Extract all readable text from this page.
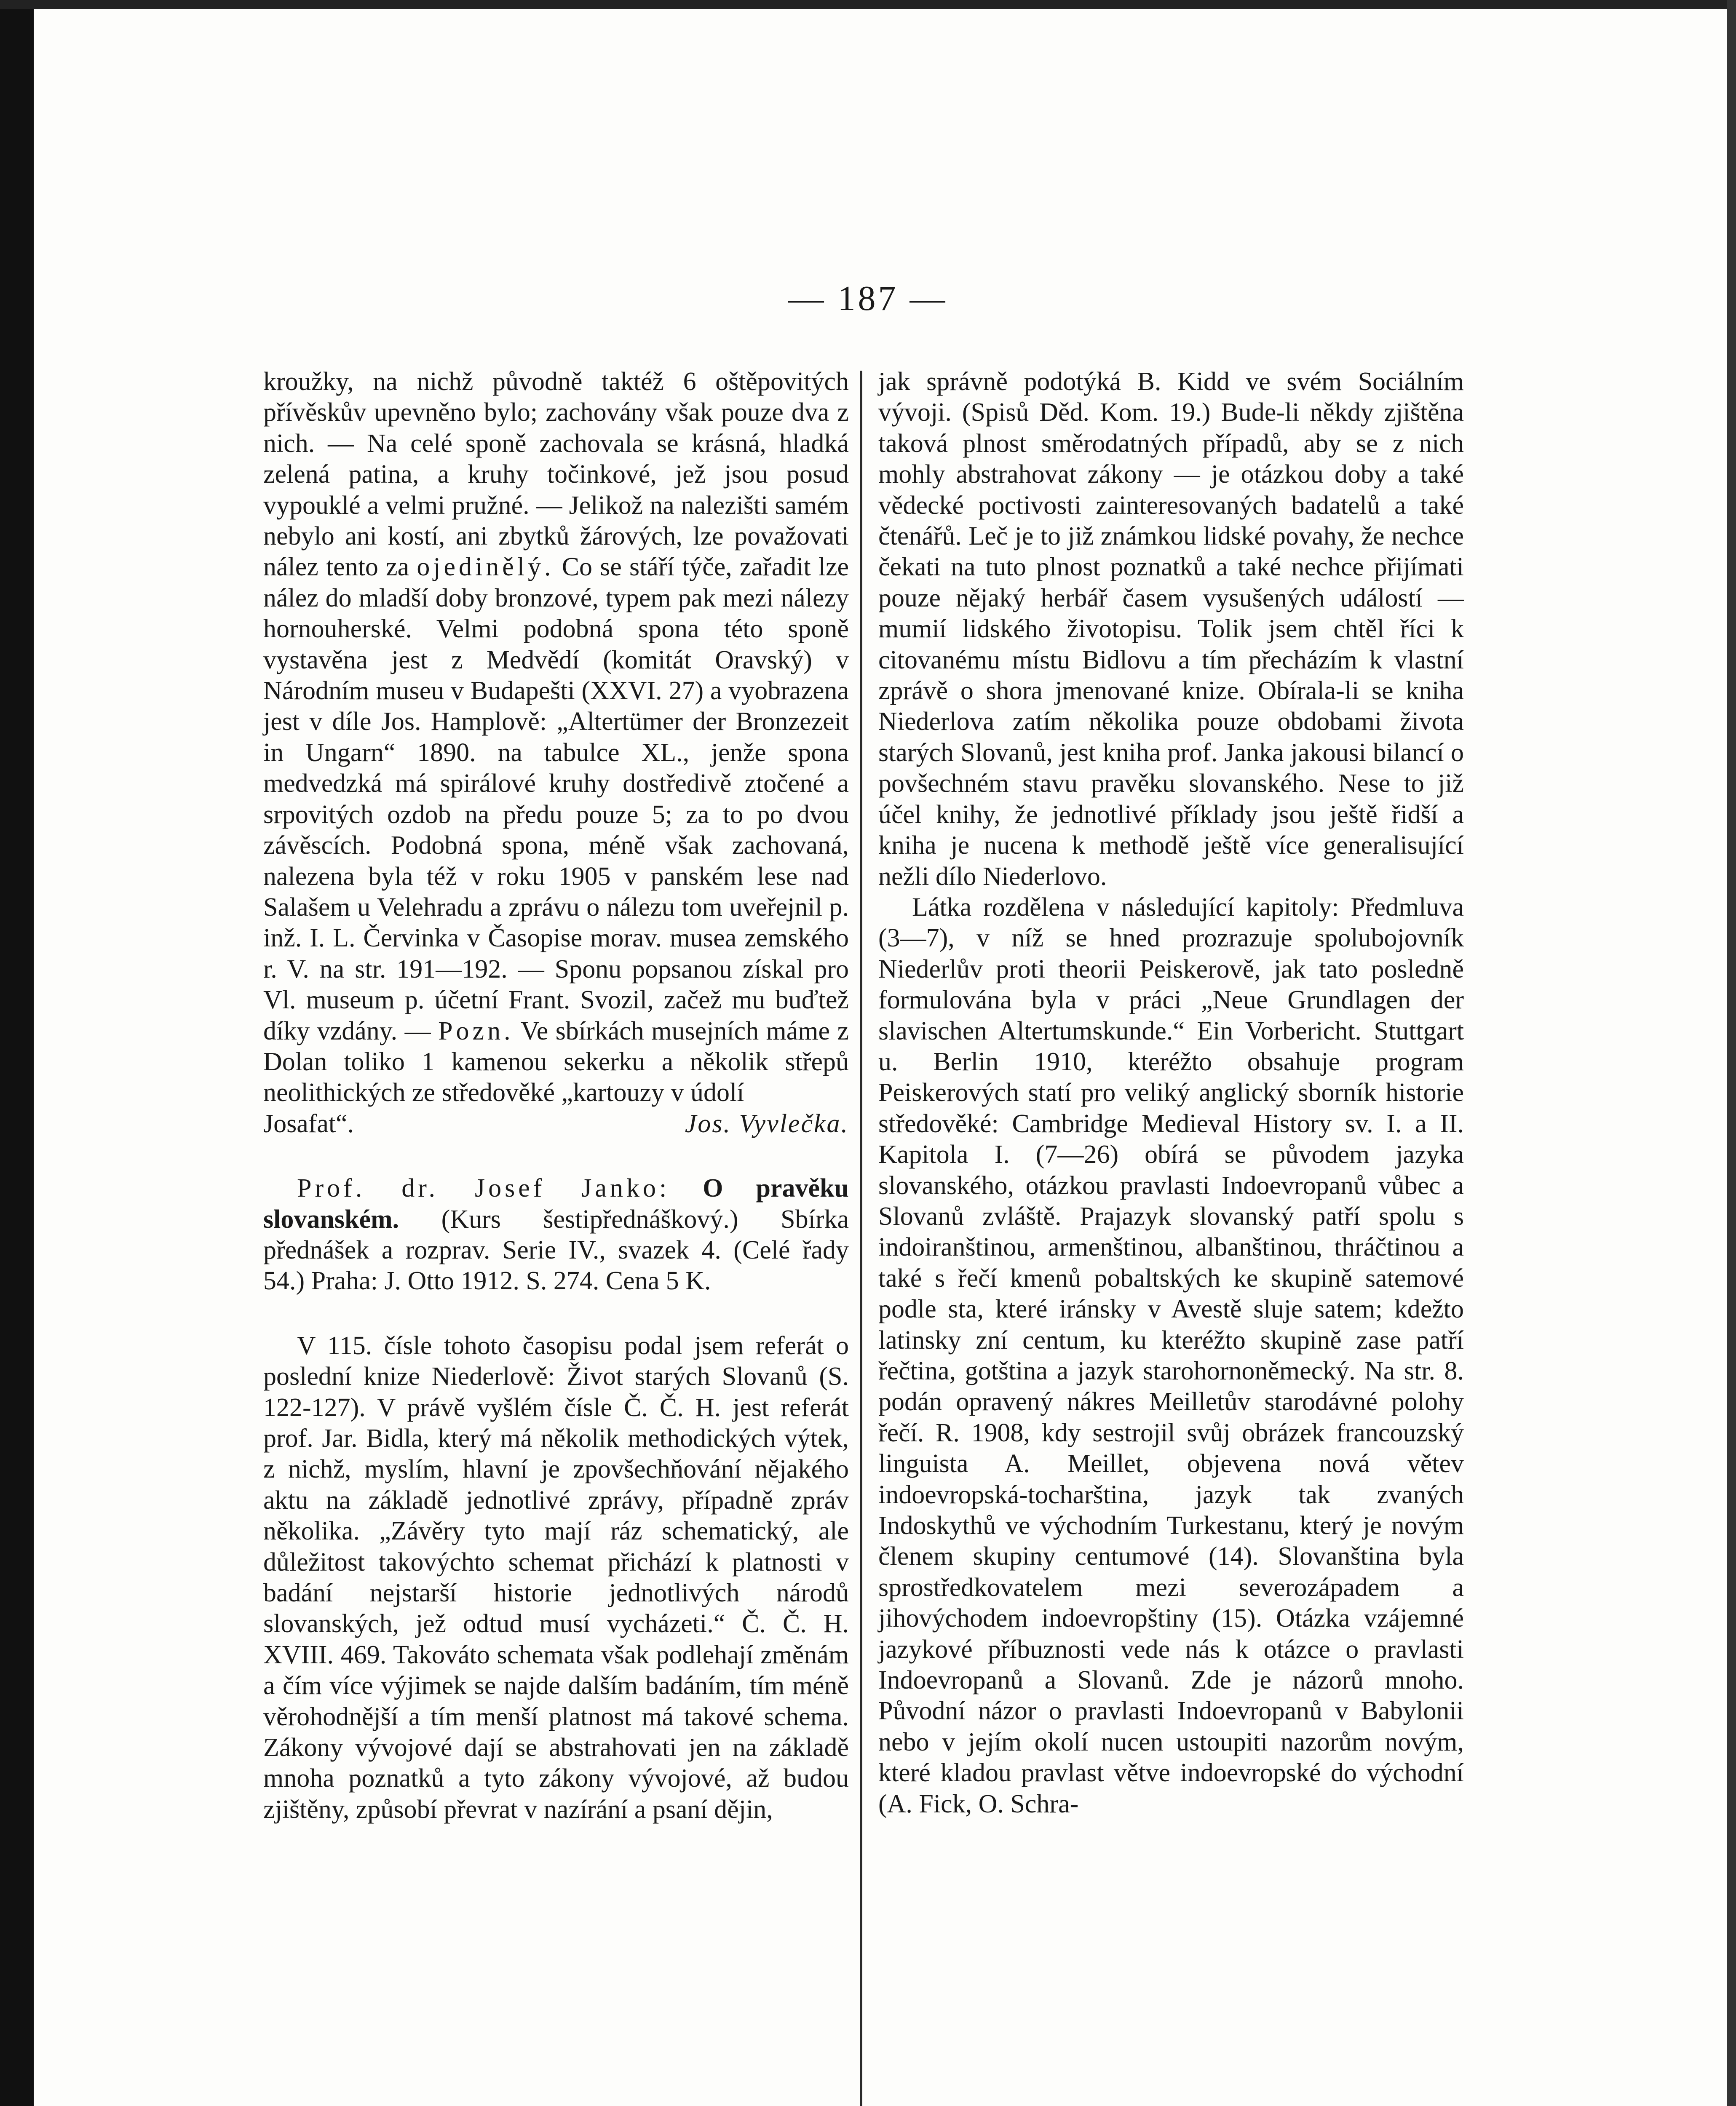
— 187 —

kroužky, na nichž původně taktéž 6 oštěpovitých přívěskův upevněno bylo; zachovány však pouze dva z nich. — Na celé sponě zachovala se krásná, hladká zelená patina, a kruhy točinkové, jež jsou posud vypouklé a velmi pružné. — Jelikož na nalezišti samém nebylo ani kostí, ani zbytků žárových, lze považovati nález tento za ojedinělý. Co se stáří týče, zařadit lze nález do mladší doby bronzové, typem pak mezi nálezy hornouherské. Velmi podobná spona této sponě vystavěna jest z Medvědí (komitát Oravský) v Národním museu v Budapešti (XXVI. 27) a vyobrazena jest v díle Jos. Hamplově: „Altertümer der Bronzezeit in Ungarn“ 1890. na tabulce XL., jenže spona medvedzká má spirálové kruhy dostředivě ztočené a srpovitých ozdob na předu pouze 5; za to po dvou závěscích. Podobná spona, méně však zachovaná, nalezena byla též v roku 1905 v panském lese nad Salašem u Velehradu a zprávu o nálezu tom uveřejnil p. inž. I. L. Červinka v Časopise morav. musea zemského r. V. na str. 191—192. — Sponu popsanou získal pro Vl. museum p. účetní Frant. Svozil, začež mu buďtež díky vzdány. — Pozn. Ve sbírkách musejních máme z Dolan toliko 1 kamenou sekerku a několik střepů neolithických ze středověké „kartouzy v údolí

Josafat“.	Jos. Vyvlečka.

Prof. dr. Josef Janko: O pravěku slovanském. (Kurs šestipřednáškový.) Sbírka přednášek a rozprav. Serie IV., svazek 4. (Celé řady 54.) Praha: J. Otto 1912. S. 274. Cena 5 K.

V 115. čísle tohoto časopisu podal jsem referát o poslední knize Niederlově: Život starých Slovanů (S. 122-127). V právě vyšlém čísle Č. Č. H. jest referát prof. Jar. Bidla, který má několik methodických výtek, z nichž, myslím, hlavní je zpovšechňování nějakého aktu na základě jednotlivé zprávy, případně zpráv několika. „Závěry tyto mají ráz schematický, ale důležitost takovýchto schemat přichází k platnosti v badání nejstarší historie jednotlivých národů slovanských, jež odtud musí vycházeti.“ Č. Č. H. XVIII. 469. Takováto schemata však podlehají změnám a čím více výjimek se najde dalším badáním, tím méně věrohodnější a tím menší platnost má takové schema. Zákony vývojové dají se abstrahovati jen na základě mnoha poznatků a tyto zákony vývojové, až budou zjištěny, způsobí převrat v nazírání a psaní dějin,

jak správně podotýká B. Kidd ve svém Sociálním vývoji. (Spisů Děd. Kom. 19.) Bude-li někdy zjištěna taková plnost směrodatných případů, aby se z nich mohly abstrahovat zákony — je otázkou doby a také vědecké poctivosti zainteresovaných badatelů a také čtenářů. Leč je to již známkou lidské povahy, že nechce čekati na tuto plnost poznatků a také nechce přijímati pouze nějaký herbář časem vysušených událostí — mumií lidského životopisu. Tolik jsem chtěl říci k citovanému místu Bidlovu a tím přecházím k vlastní zprávě o shora jmenované knize. Obírala-li se kniha Niederlova zatím několika pouze obdobami života starých Slovanů, jest kniha prof. Janka jakousi bilancí o povšechném stavu pravěku slovanského. Nese to již účel knihy, že jednotlivé příklady jsou ještě řidší a kniha je nucena k methodě ještě více generalisující nežli dílo Niederlovo.

Látka rozdělena v následující kapitoly: Předmluva (3—7), v níž se hned prozrazuje spolubojovník Niederlův proti theorii Peiskerově, jak tato posledně formulována byla v práci „Neue Grundlagen der slavischen Altertumskunde.“ Ein Vorbericht. Stuttgart u. Berlin 1910, kteréžto obsahuje program Peiskerových statí pro veliký anglický sborník historie středověké: Cambridge Medieval History sv. I. a II. Kapitola I. (7—26) obírá se původem jazyka slovanského, otázkou pravlasti Indoevropanů vůbec a Slovanů zvláště. Prajazyk slovanský patří spolu s indoiranštinou, armenštinou, albanštinou, thráčtinou a také s řečí kmenů pobaltských ke skupině satemové podle sta, které iránsky v Avestě sluje satem; kdežto latinsky zní centum, ku kteréžto skupině zase patří řečtina, gotština a jazyk starohornoněmecký. Na str. 8. podán opravený nákres Meilletův starodávné polohy řečí. R. 1908, kdy sestrojil svůj obrázek francouzský linguista A. Meillet, objevena nová větev indoevropská-tocharština, jazyk tak zvaných Indoskythů ve východním Turkestanu, který je novým členem skupiny centumové (14). Slovanština byla sprostředkovatelem mezi severozápadem a jihovýchodem indoevropštiny (15). Otázka vzájemné jazykové příbuznosti vede nás k otázce o pravlasti Indoevropanů a Slovanů. Zde je názorů mnoho. Původní názor o pravlasti Indoevropanů v Babylonii nebo v jejím okolí nucen ustoupiti nazorům novým, které kladou pravlast větve indoevropské do východní (A. Fick, O. Schra-
